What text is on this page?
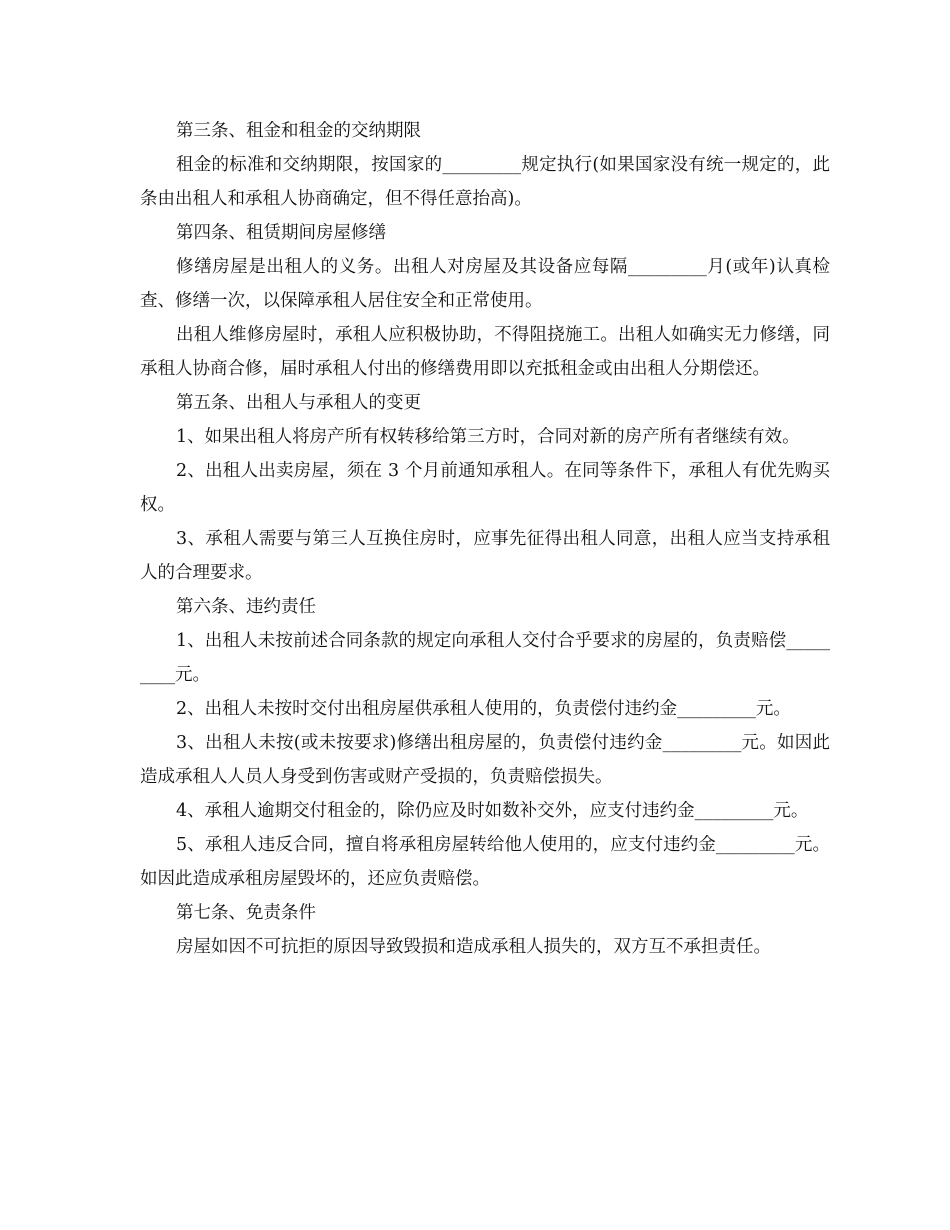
第三条、租金和租金的交纳期限

租金的标准和交纳期限，按国家的_________规定执行(如果国家没有统一规定的，此条由出租人和承租人协商确定，但不得任意抬高)。

第四条、租赁期间房屋修缮

修缮房屋是出租人的义务。出租人对房屋及其设备应每隔_________月(或年)认真检查、修缮一次，以保障承租人居住安全和正常使用。

出租人维修房屋时，承租人应积极协助，不得阻挠施工。出租人如确实无力修缮，同承租人协商合修，届时承租人付出的修缮费用即以充抵租金或由出租人分期偿还。

第五条、出租人与承租人的变更

1、如果出租人将房产所有权转移给第三方时，合同对新的房产所有者继续有效。

2、出租人出卖房屋，须在 3 个月前通知承租人。在同等条件下，承租人有优先购买权。

3、承租人需要与第三人互换住房时，应事先征得出租人同意，出租人应当支持承租人的合理要求。

第六条、违约责任

1、出租人未按前述合同条款的规定向承租人交付合乎要求的房屋的，负责赔偿_________元。

2、出租人未按时交付出租房屋供承租人使用的，负责偿付违约金_________元。

3、出租人未按(或未按要求)修缮出租房屋的，负责偿付违约金_________元。如因此造成承租人人员人身受到伤害或财产受损的，负责赔偿损失。

4、承租人逾期交付租金的，除仍应及时如数补交外，应支付违约金_________元。

5、承租人违反合同，擅自将承租房屋转给他人使用的，应支付违约金_________元。如因此造成承租房屋毁坏的，还应负责赔偿。

第七条、免责条件

房屋如因不可抗拒的原因导致毁损和造成承租人损失的，双方互不承担责任。
